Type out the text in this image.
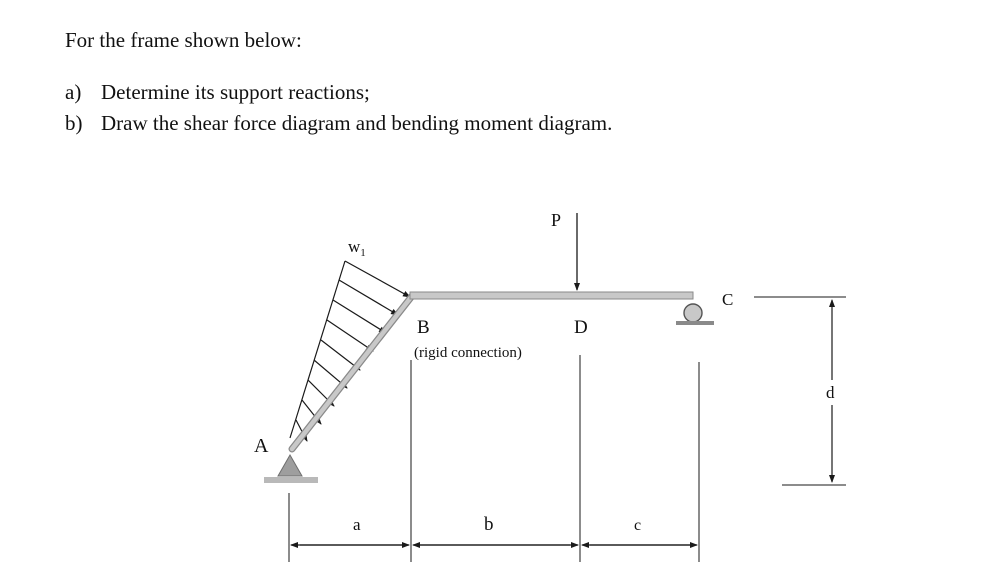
For the frame shown below:
a) Determine its support reactions;
b) Draw the shear force diagram and bending moment diagram.
A
B
(rigid connection)
D
C
P
$w_1$
a	b	c
d
